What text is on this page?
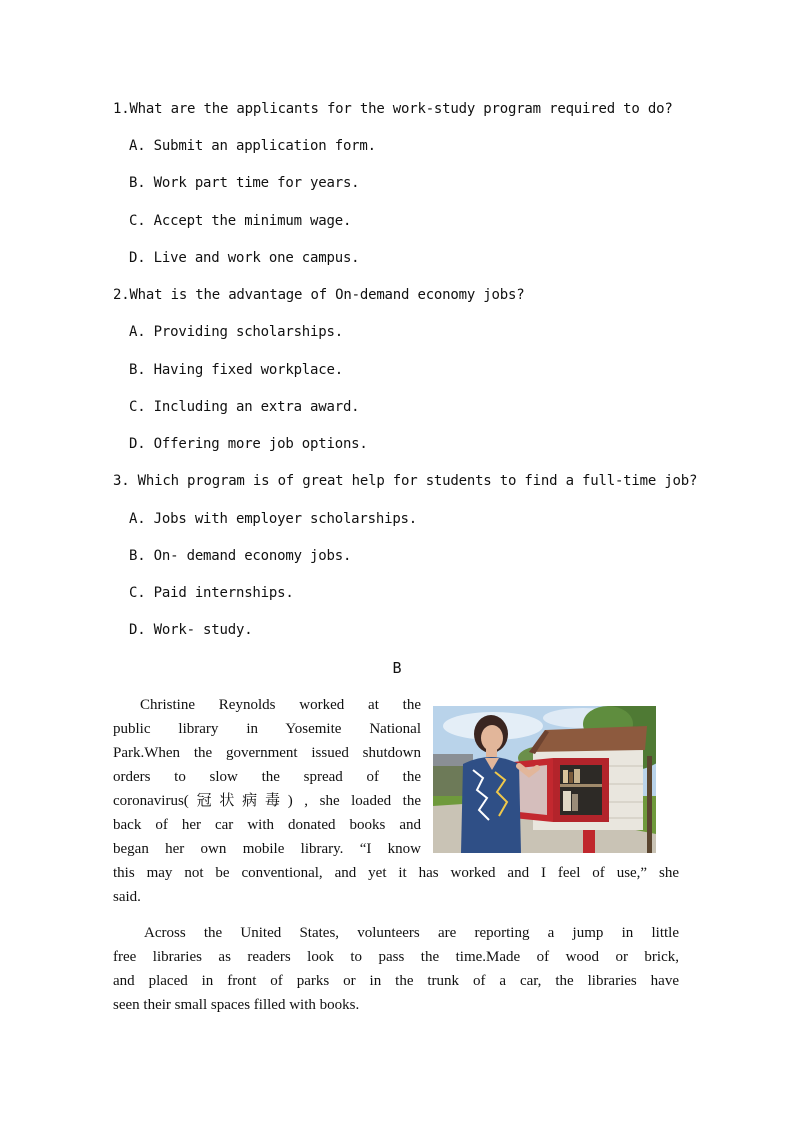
1.What are the applicants for the work-study program required to do?
A. Submit an application form.
B. Work part time for years.
C. Accept the minimum wage.
D. Live and work one campus.
2.What is the advantage of On-demand economy jobs?
A. Providing scholarships.
B. Having fixed workplace.
C. Including an extra award.
D. Offering more job options.
3. Which program is of great help for students to find a full-time job?
A. Jobs with employer scholarships.
B. On- demand economy jobs.
C. Paid internships.
D. Work- study.
B
Christine Reynolds worked at the
public library in Yosemite National
Park.When the government issued shutdown
orders to slow the spread of the
coronavirus(冠状病毒) , she loaded the
back of her car with donated books and
began her own mobile library. “I know
this may not be conventional, and yet it has worked and I feel of use,” she
said.
Across the United States, volunteers are reporting a jump in little
free libraries as readers look to pass the time.Made of wood or brick,
and placed in front of parks or in the trunk of a car, the libraries have
seen their small spaces filled with books.
